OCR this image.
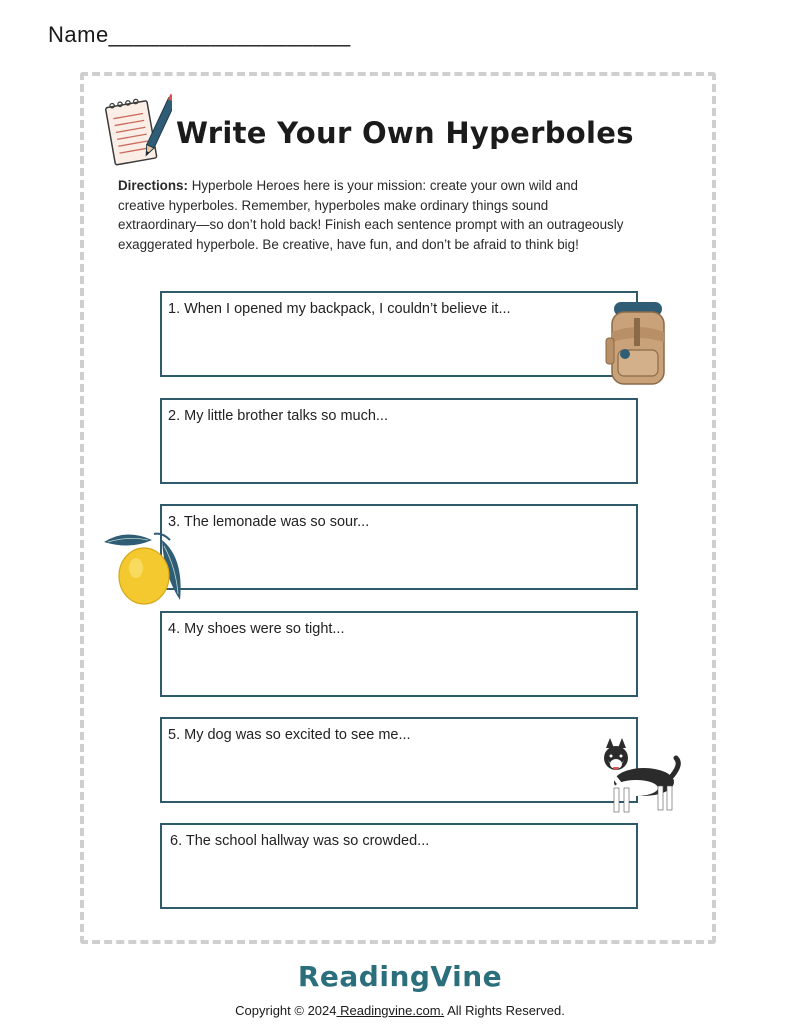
Name___________________
Write Your Own Hyperboles
Directions: Hyperbole Heroes here is your mission: create your own wild and creative hyperboles. Remember, hyperboles make ordinary things sound extraordinary—so don’t hold back! Finish each sentence prompt with an outrageously exaggerated hyperbole. Be creative, have fun, and don’t be afraid to think big!
1. When I opened my backpack, I couldn’t believe it...
2. My little brother talks so much...
3. The lemonade was so sour...
4. My shoes were so tight...
5. My dog was so excited to see me...
6. The school hallway was so crowded...
ReadingVine
Copyright © 2024 Readingvine.com. All Rights Reserved.
